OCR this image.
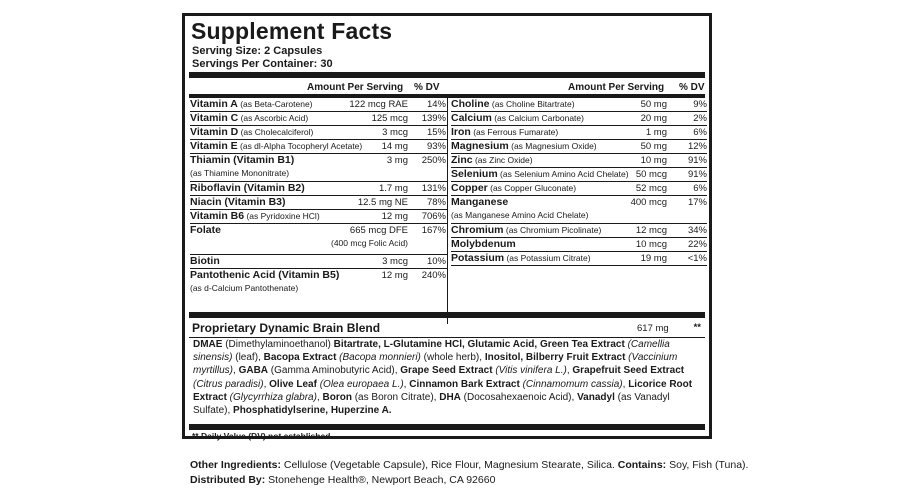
Supplement Facts
Serving Size: 2 Capsules
Servings Per Container: 30
Amount Per Serving % DV	Amount Per Serving % DV
Vitamin A (as Beta-Carotene)	122 mcg RAE	14%
Vitamin C (as Ascorbic Acid)	125 mcg	139%
Vitamin D (as Cholecalciferol)	3 mcg	15%
Vitamin E (as dl-Alpha Tocopheryl Acetate) 14 mg	93%
Thiamin (Vitamin B1)	3 mg	250%
(as Thiamine Mononitrate)
Riboflavin (Vitamin B2)	1.7 mg	131%
Niacin (Vitamin B3)	12.5 mg NE	78%
Vitamin B6 (as Pyridoxine HCl)	12 mg	706%
Folate	665 mcg DFE	167%
(400 mcg Folic Acid)
Biotin	3 mcg	10%
Pantothenic Acid (Vitamin B5)	12 mg	240%
(as d-Calcium Pantothenate)
Choline (as Choline Bitartrate)	50 mg	9%
Calcium (as Calcium Carbonate)	20 mg	2%
Iron (as Ferrous Fumarate)	1 mg	6%
Magnesium (as Magnesium Oxide)	50 mg	12%
Zinc (as Zinc Oxide)	10 mg	91%
Selenium (as Selenium Amino Acid Chelate) 50 mcg	91%
Copper (as Copper Gluconate)	52 mcg	6%
Manganese	400 mcg	17%
(as Manganese Amino Acid Chelate)
Chromium (as Chromium Picolinate)	12 mcg	34%
Molybdenum	10 mcg	22%
Potassium (as Potassium Citrate)	19 mg	<1%
Proprietary Dynamic Brain Blend	617 mg	**
DMAE (Dimethylaminoethanol) Bitartrate, L-Glutamine HCl, Glutamic Acid, Green Tea Extract (Camellia sinensis) (leaf), Bacopa Extract (Bacopa monnieri) (whole herb), Inositol, Bilberry Fruit Extract (Vaccinium myrtillus), GABA (Gamma Aminobutyric Acid), Grape Seed Extract (Vitis vinifera L.), Grapefruit Seed Extract (Citrus paradisi), Olive Leaf (Olea europaea L.), Cinnamon Bark Extract (Cinnamomum cassia), Licorice Root Extract (Glycyrrhiza glabra), Boron (as Boron Citrate), DHA (Docosahexaenoic Acid), Vanadyl (as Vanadyl Sulfate), Phosphatidylserine, Huperzine A.
** Daily Value (DV) not established
Other Ingredients: Cellulose (Vegetable Capsule), Rice Flour, Magnesium Stearate, Silica. Contains: Soy, Fish (Tuna).
Distributed By: Stonehenge Health®, Newport Beach, CA 92660
